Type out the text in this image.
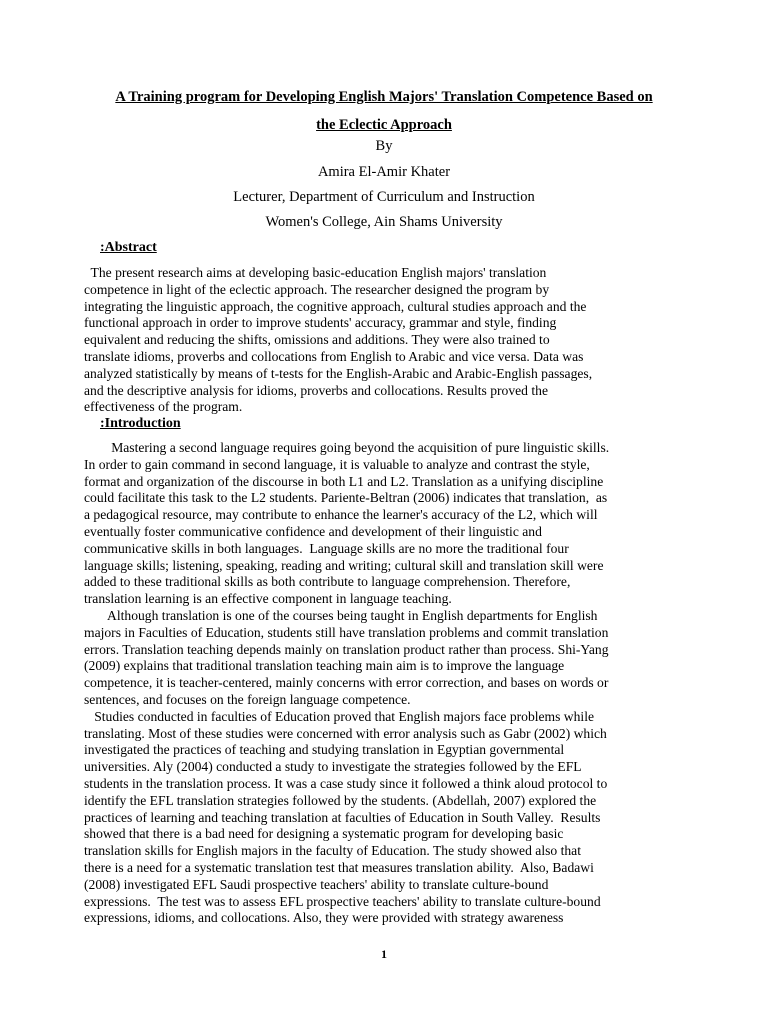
A Training program for Developing English Majors' Translation Competence Based on
the Eclectic Approach
By
Amira El-Amir Khater
Lecturer, Department of Curriculum and Instruction
Women's College, Ain Shams University
:Abstract
The present research aims at developing basic-education English majors' translation
competence in light of the eclectic approach. The researcher designed the program by
integrating the linguistic approach, the cognitive approach, cultural studies approach and the
functional approach in order to improve students' accuracy, grammar and style, finding
equivalent and reducing the shifts, omissions and additions. They were also trained to
translate idioms, proverbs and collocations from English to Arabic and vice versa. Data was
analyzed statistically by means of t-tests for the English-Arabic and Arabic-English passages,
and the descriptive analysis for idioms, proverbs and collocations. Results proved the
effectiveness of the program.
:Introduction
Mastering a second language requires going beyond the acquisition of pure linguistic skills.
In order to gain command in second language, it is valuable to analyze and contrast the style,
format and organization of the discourse in both L1 and L2. Translation as a unifying discipline
could facilitate this task to the L2 students. Pariente-Beltran (2006) indicates that translation,  as
a pedagogical resource, may contribute to enhance the learner's accuracy of the L2, which will
eventually foster communicative confidence and development of their linguistic and
communicative skills in both languages.  Language skills are no more the traditional four
language skills; listening, speaking, reading and writing; cultural skill and translation skill were
added to these traditional skills as both contribute to language comprehension. Therefore,
translation learning is an effective component in language teaching.
Although translation is one of the courses being taught in English departments for English
majors in Faculties of Education, students still have translation problems and commit translation
errors. Translation teaching depends mainly on translation product rather than process. Shi-Yang
(2009) explains that traditional translation teaching main aim is to improve the language
competence, it is teacher-centered, mainly concerns with error correction, and bases on words or
sentences, and focuses on the foreign language competence.
Studies conducted in faculties of Education proved that English majors face problems while
translating. Most of these studies were concerned with error analysis such as Gabr (2002) which
investigated the practices of teaching and studying translation in Egyptian governmental
universities. Aly (2004) conducted a study to investigate the strategies followed by the EFL
students in the translation process. It was a case study since it followed a think aloud protocol to
identify the EFL translation strategies followed by the students. (Abdellah, 2007) explored the
practices of learning and teaching translation at faculties of Education in South Valley.  Results
showed that there is a bad need for designing a systematic program for developing basic
translation skills for English majors in the faculty of Education. The study showed also that
there is a need for a systematic translation test that measures translation ability.  Also, Badawi
(2008) investigated EFL Saudi prospective teachers' ability to translate culture-bound
expressions.  The test was to assess EFL prospective teachers' ability to translate culture-bound
expressions, idioms, and collocations. Also, they were provided with strategy awareness
1
